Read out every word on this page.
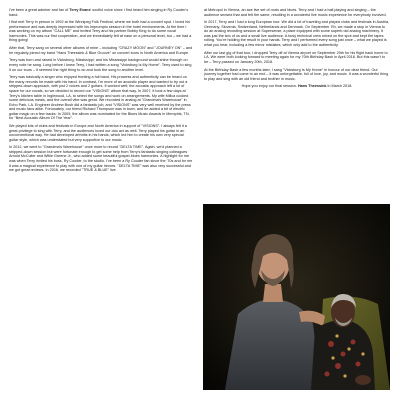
I've been a great admirer and fan of Terry Evans' soulful voice since I first heard him singing in Ry Cooder's band.

I first met Terry in person in 1992 at the Winnipeg Folk Festival, where we both had a concert spot. I loved his performance and was deeply impressed with his impromptu session in the hotel environments. At the time I was working on my album "CALL ME" and invited Terry and his partner Bobby King to do some vocal harmonies. This was our first cooperation, and we immediately felt at ease on a personal level, too – we had a thing going!

After that, Terry sang on several other albums of mine – including "CRAZY MOON" and "JOURNEY ON" – and he regularly joined my band "Hans Theessink & Blue Groove" on concert tours in North America and Europe.

Terry was born and raised in Vicksburg, Mississippi, and his Mississippi background would shine through on every note he sang. Long before I knew Terry, I had written a song "Vicksburg Is My Home". Terry used to sing it on our tours – it seemed the right thing to do and took the song to another level.

Terry was basically a singer who enjoyed fronting a full band. His prowess and authenticity can be heard on the many records he made with his band. In contrast, I'm more of an acoustic player and wanted to try out a stripped-down approach, with just 2 voices and 2 guitars. It worked well; the acoustic approach left a lot of space for our vocals, so we decided to record our "VISIONS" album that way. In 2007, it took a few days at Terry's kitchen table in Inglewood, LA, to select the songs and work on arrangements. My wife Milica cooked some delicious meals, and the overall vibe was great. We recorded in analog at "Grandma's Warehouse" in Echo Park, LA. Engineer Andrew Bush did a fantastic job, and "VISIONS" was very well received by the press and music fans alike. Fortunately, our friend Richard Thompson was in town, and he added a bit of electric guitar magic on a few tracks. In 2009, the album was nominated for the Blues Music Awards in Memphis, TN, for "Best Acoustic Album Of The Year".

We played lots of clubs and festivals in Europe and North America in support of "VISIONS". I always felt it a great privilege to sing with Terry, and the audiences loved our duo act as well. Terry played his guitar in an unconventional way. He had developed arthritis in his hands, which led him to create his own very special guitar style, which was understated but very supportive to our music.

In 2012, we went to "Grandma's Warehouse" once more to record "DELTA TIME". Again, we'd planned a stripped-down session but were fortunate enough to get some help from Terry's fantastic singing colleagues Arnold McCuller and Willie Greene Jr., who added some beautiful gospel-blues harmonies. A highlight for me was when Terry invited his boss, Ry Cooder, to the studio. I've been a Ry Cooder fan since the '70s and for me it was a magical experience to play with one of my guitar heroes. "DELTA TIME" was also very successful and we got great reviews. In 2016, we recorded "TRUE & BLUE" live

at Metropol in Vienna, an ace live set of roots and blues. Terry and I had a ball playing and singing – the audience sensed that and felt the same, resulting in a wonderful live music experience for everybody involved.

In 2017, Terry and I had a long European tour. We did a lot of traveling and played clubs and festivals in Austria, Germany, Slovenia, Switzerland, Netherlands and Denmark. On September 7th, we made a stop in Vienna to do an analog recording session at Supersense, a place equipped with some superb old analog machinery. It was just the two of us and a small live audience. A busy technical crew mixed on the spot and kept the tapes rolling. You're holding the result in your hands. Terry and I performed every song just once – what we played is what you hear, including a few minor mistakes, which only add to the authenticity.

After our last gig of that tour, I dropped Terry off at Vienna airport on September 29th for his flight back home to LA. We were both looking forward to meeting again for my 70th Birthday Bash in April 2018. But this wasn't to be – Terry passed on January 20th, 2018.

At the Birthday Bash a few months later, I sang "Vicksburg Is My Home" in honour of our dear friend. Our journey together had come to an end – it was unforgettable, full of love, joy, and music. It was a wonderful thing to play and sing with an old friend and brother in music.

Hope you enjoy our final session. Hans Theessink in March 2018.
